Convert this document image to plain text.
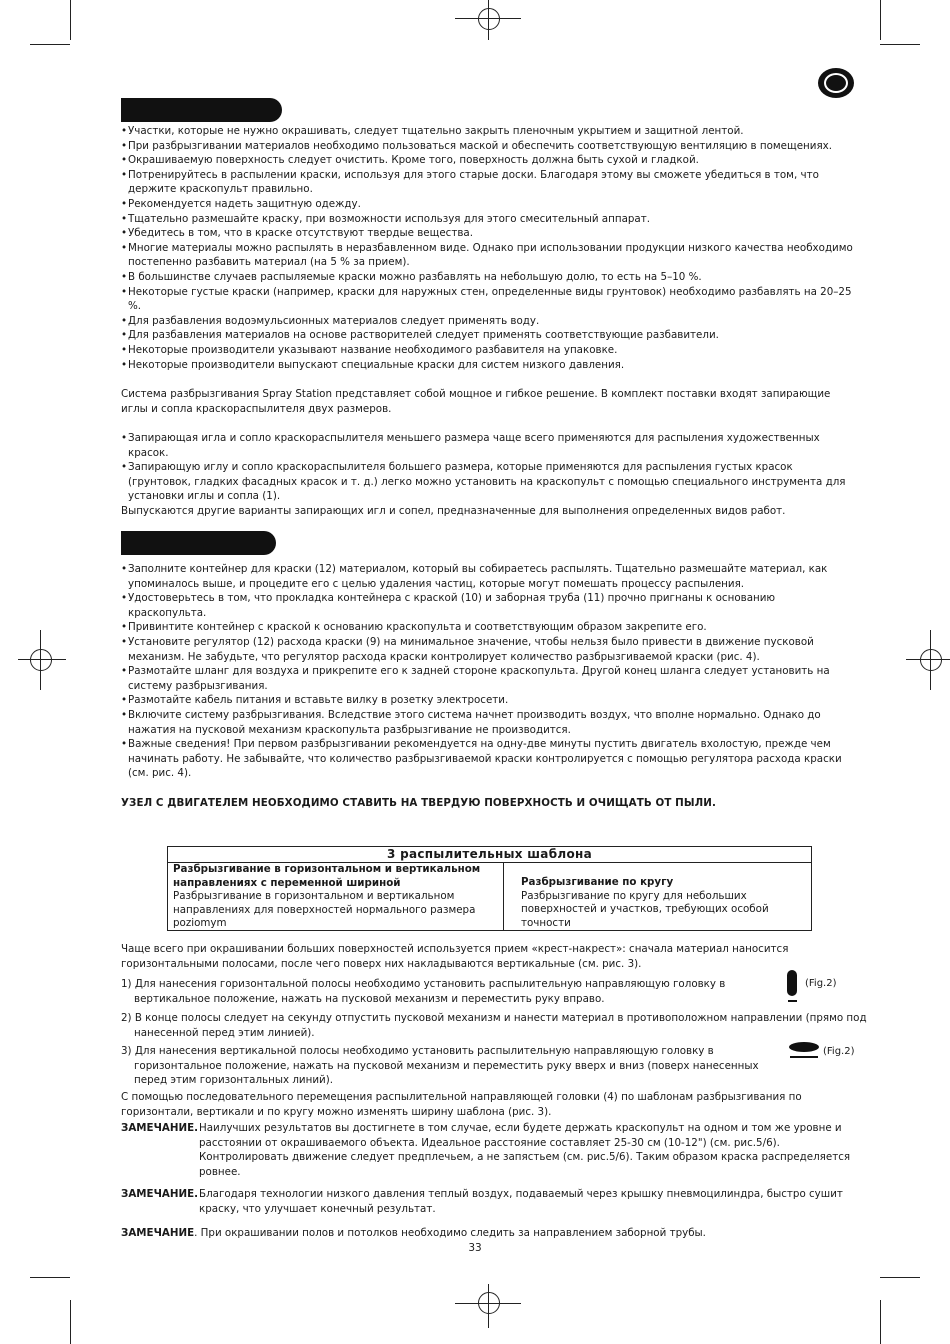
• Участки, которые не нужно окрашивать, следует тщательно закрыть пленочным укрытием и защитной лентой.
• При разбрызгивании материалов необходимо пользоваться маской и обеспечить соответствующую вентиляцию в помещениях.
• Окрашиваемую поверхность следует очистить. Кроме того, поверхность должна быть сухой и гладкой.
• Потренируйтесь в распылении краски, используя для этого старые доски. Благодаря этому вы сможете убедиться в том, что держите краскопульт правильно.
• Рекомендуется надеть защитную одежду.
• Тщательно размешайте краску, при возможности используя для этого смесительный аппарат.
• Убедитесь в том, что в краске отсутствуют твердые вещества.
• Многие материалы можно распылять в неразбавленном виде. Однако при использовании продукции низкого качества необходимо постепенно разбавить материал (на 5 % за прием).
• В большинстве случаев распыляемые краски можно разбавлять на небольшую долю, то есть на 5–10 %.
• Некоторые густые краски (например, краски для наружных стен, определенные виды грунтовок) необходимо разбавлять на 20–25 %.
• Для разбавления водоэмульсионных материалов следует применять воду.
• Для разбавления материалов на основе растворителей следует применять соответствующие разбавители.
• Некоторые производители указывают название необходимого разбавителя на упаковке.
• Некоторые производители выпускают специальные краски для систем низкого давления.

Система разбрызгивания Spray Station представляет собой мощное и гибкое решение. В комплект поставки входят запирающие иглы и сопла краскораспылителя двух размеров.

• Запирающая игла и сопло краскораспылителя меньшего размера чаще всего применяются для распыления художественных красок.
• Запирающую иглу и сопло краскораспылителя большего размера, которые применяются для распыления густых красок (грунтовок, гладких фасадных красок и т. д.) легко можно установить на краскопульт с помощью специального инструмента для установки иглы и сопла (1).

Выпускаются другие варианты запирающих игл и сопел, предназначенные для выполнения определенных видов работ.

• Заполните контейнер для краски (12) материалом, который вы собираетесь распылять. Тщательно размешайте материал, как упоминалось выше, и процедите его с целью удаления частиц, которые могут помешать процессу распыления.
• Удостоверьтесь в том, что прокладка контейнера с краской (10) и заборная труба (11) прочно пригнаны к основанию краскопульта.
• Привинтите контейнер с краской к основанию краскопульта и соответствующим образом закрепите его.
• Установите регулятор (12) расхода краски (9) на минимальное значение, чтобы нельзя было привести в движение пусковой механизм. Не забудьте, что регулятор расхода краски контролирует количество разбрызгиваемой краски (рис. 4).
• Размотайте шланг для воздуха и прикрепите его к задней стороне краскопульта. Другой конец шланга следует установить на систему разбрызгивания.
• Размотайте кабель питания и вставьте вилку в розетку электросети.
• Включите систему разбрызгивания. Вследствие этого система начнет производить воздух, что вполне нормально. Однако до нажатия на пусковой механизм краскопульта разбрызгивание не производится.
• Важные сведения! При первом разбрызгивании рекомендуется на одну-две минуты пустить двигатель вхолостую, прежде чем начинать работу. Не забывайте, что количество разбрызгиваемой краски контролируется с помощью регулятора расхода краски (см. рис. 4).

УЗЕЛ С ДВИГАТЕЛЕМ НЕОБХОДИМО СТАВИТЬ НА ТВЕРДУЮ ПОВЕРХНОСТЬ И ОЧИЩАТЬ ОТ ПЫЛИ.

3 распылительных шаблона

Разбрызгивание в горизонтальном и вертикальном направлениях с переменной шириной
Разбрызгивание в горизонтальном и вертикальном направлениях для поверхностей нормального размера poziomym

Разбрызгивание по кругу
Разбрызгивание по кругу для небольших поверхностей и участков, требующих особой точности

Чаще всего при окрашивании больших поверхностей используется прием «крест-накрест»: сначала материал наносится горизонтальными полосами, после чего поверх них накладываются вертикальные (см. рис. 3).

1) Для нанесения горизонтальной полосы необходимо установить распылительную направляющую головку в вертикальное положение, нажать на пусковой механизм и переместить руку вправо.

2) В конце полосы следует на секунду отпустить пусковой механизм и нанести материал в противоположном направлении (прямо под нанесенной перед этим линией).

3) Для нанесения вертикальной полосы необходимо установить распылительную направляющую головку в горизонтальное положение, нажать на пусковой механизм и переместить руку вверх и вниз (поверх нанесенных перед этим горизонтальных линий).

(Fig.2)
(Fig.2)

С помощью последовательного перемещения распылительной направляющей головки (4) по шаблонам разбрызгивания по горизонтали, вертикали и по кругу можно изменять ширину шаблона (рис. 3).

ЗАМЕЧАНИЕ. Наилучших результатов вы достигнете в том случае, если будете держать краскопульт на одном и том же уровне и расстоянии от окрашиваемого объекта. Идеальное расстояние составляет 25-30 см (10-12") (см. рис.5/6). Контролировать движение следует предплечьем, а не запястьем (см. рис.5/6). Таким образом краска распределяется ровнее.
ЗАМЕЧАНИЕ. Благодаря технологии низкого давления теплый воздух, подаваемый через крышку пневмоцилиндра, быстро сушит краску, что улучшает конечный результат.
ЗАМЕЧАНИЕ. При окрашивании полов и потолков необходимо следить за направлением заборной трубы.
33
